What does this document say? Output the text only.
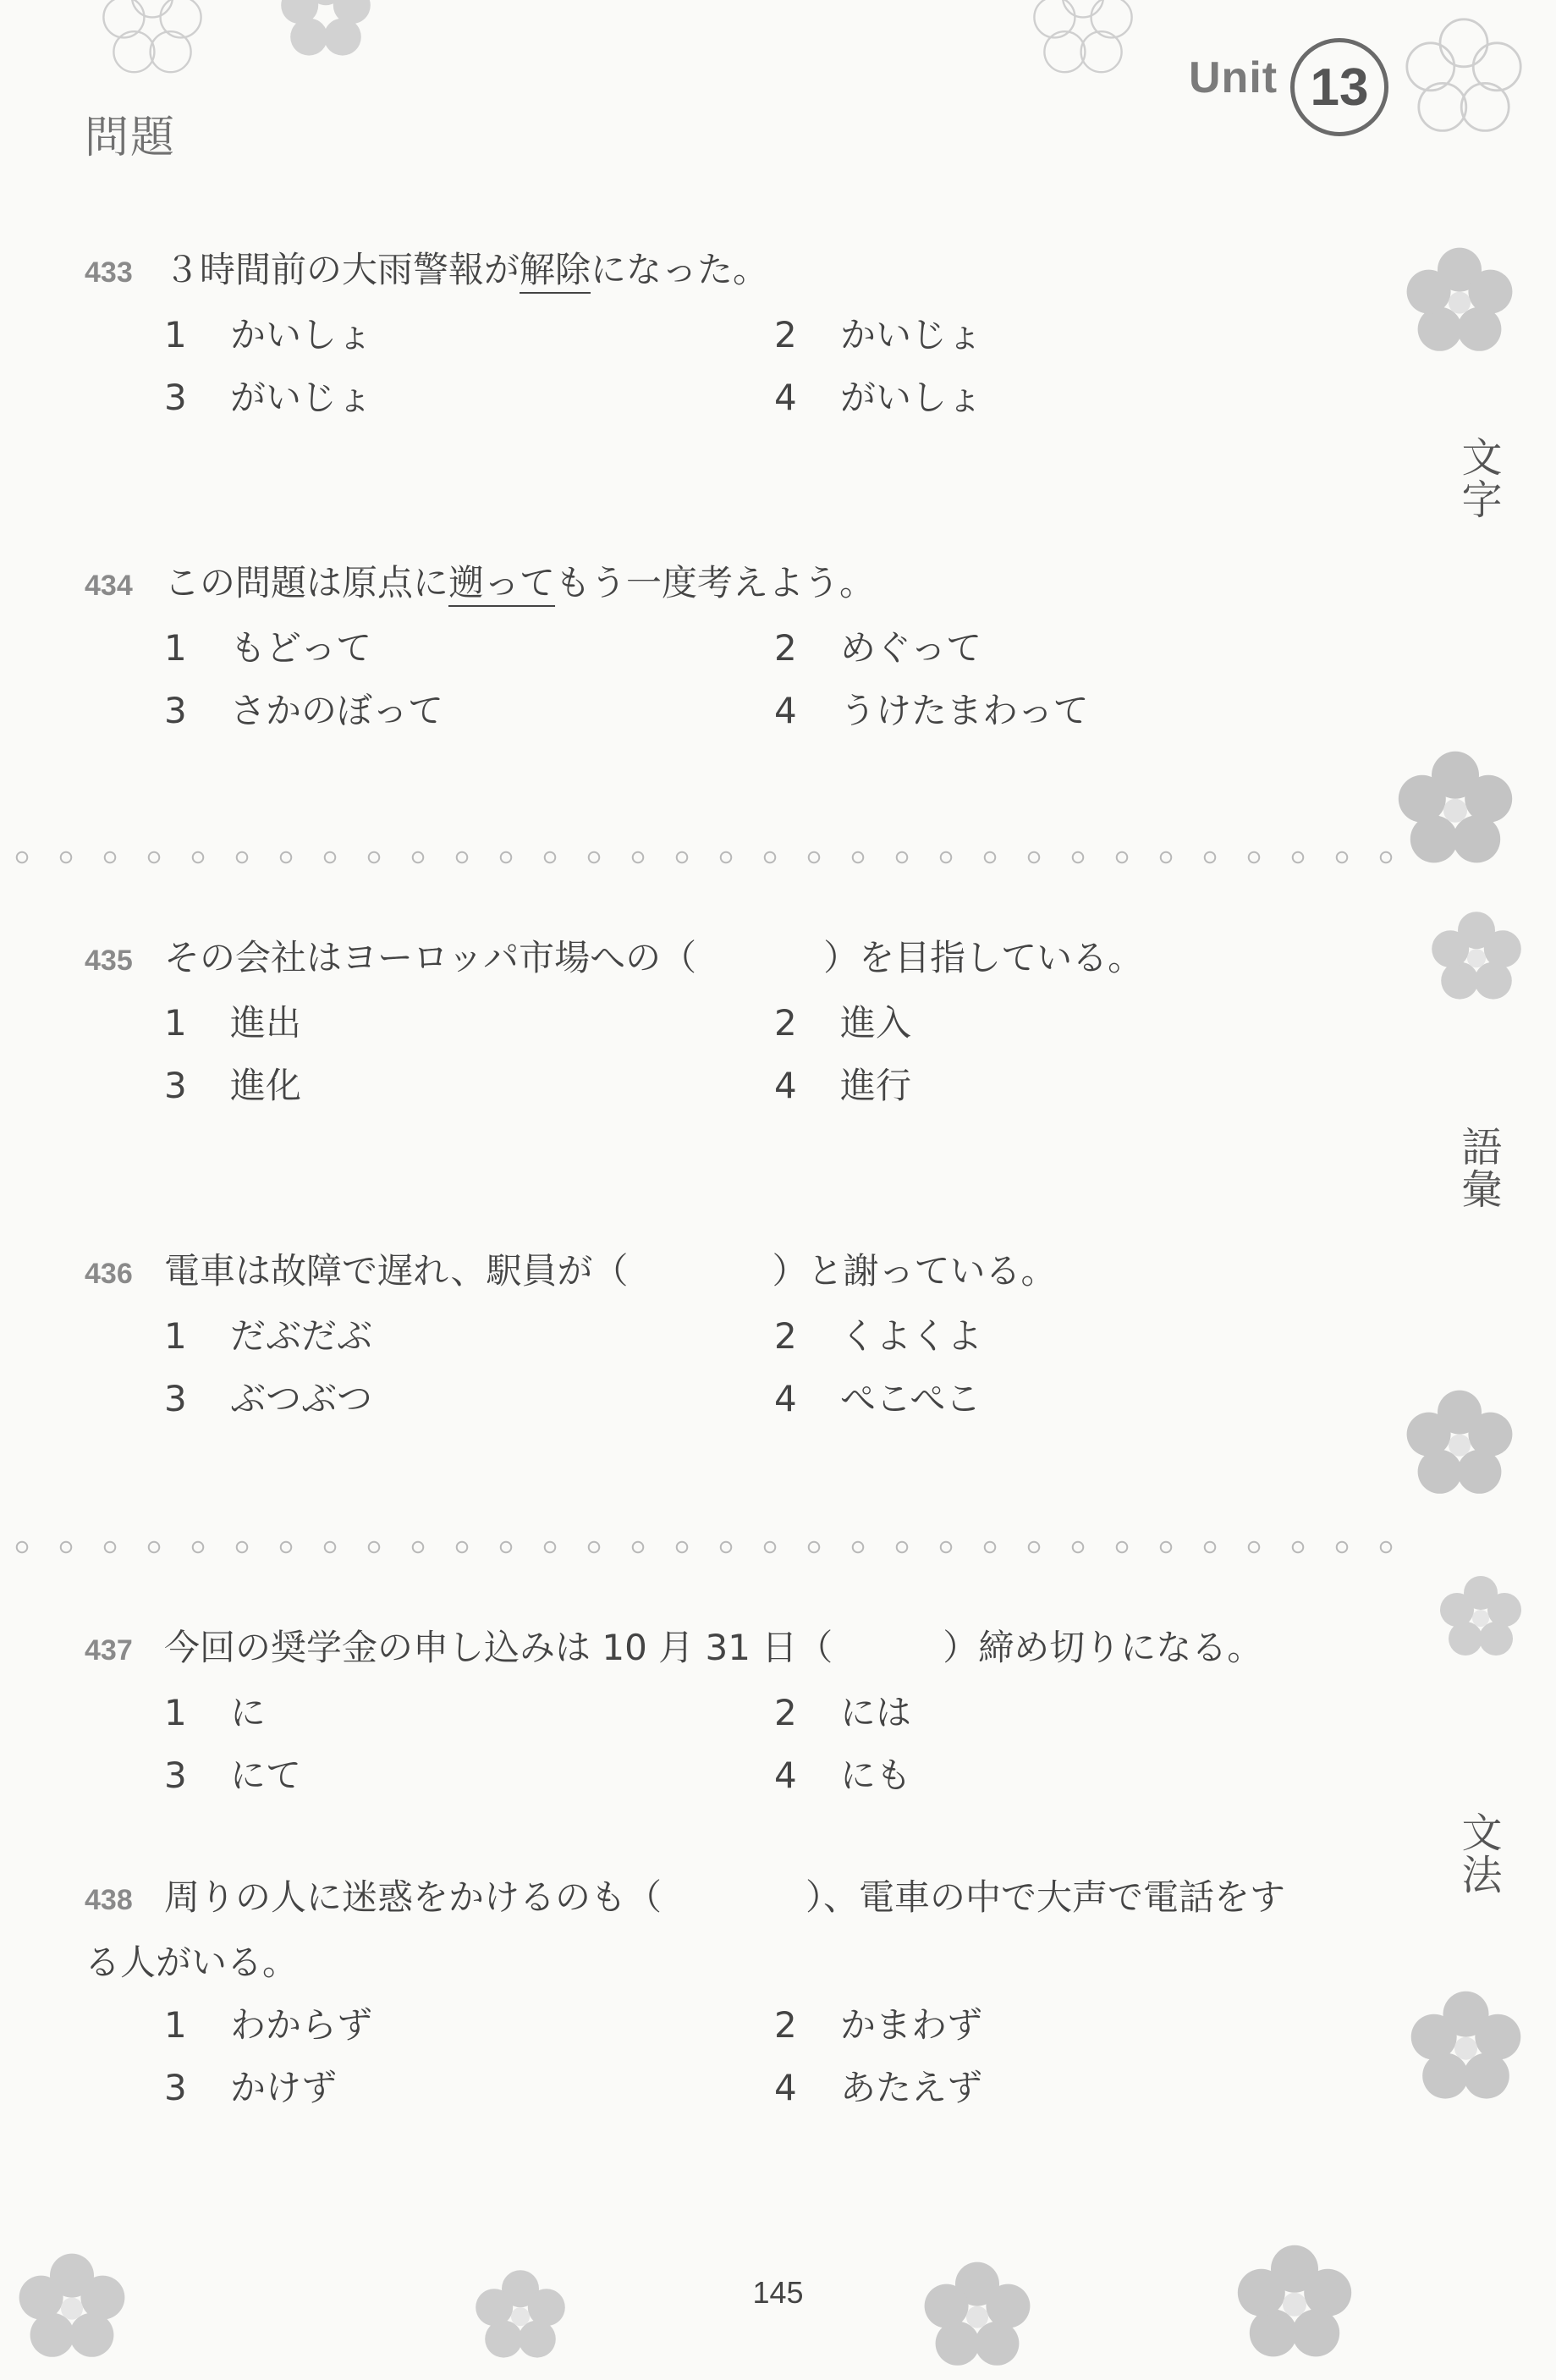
問題
Unit 13
文字
語彙
文法
433 ３時間前の大雨警報が解除になった。
1 かいしょ	2 かいじょ
3 がいじょ	4 がいしょ
434 この問題は原点に遡ってもう一度考えよう。
1 もどって	2 めぐって
3 さかのぼって	4 うけたまわって
435 その会社はヨーロッパ市場への（	）を目指している。
1 進出	2 進入
3 進化	4 進行
436 電車は故障で遅れ、駅員が（	）と謝っている。
1 だぶだぶ	2 くよくよ
3 ぶつぶつ	4 ぺこぺこ
437 今回の奨学金の申し込みは 10 月 31 日（	）締め切りになる。
1 に	2 には
3 にて	4 にも
438 周りの人に迷惑をかけるのも（	）、電車の中で大声で電話をす
る人がいる。
1 わからず	2 かまわず
3 かけず	4 あたえず
145
